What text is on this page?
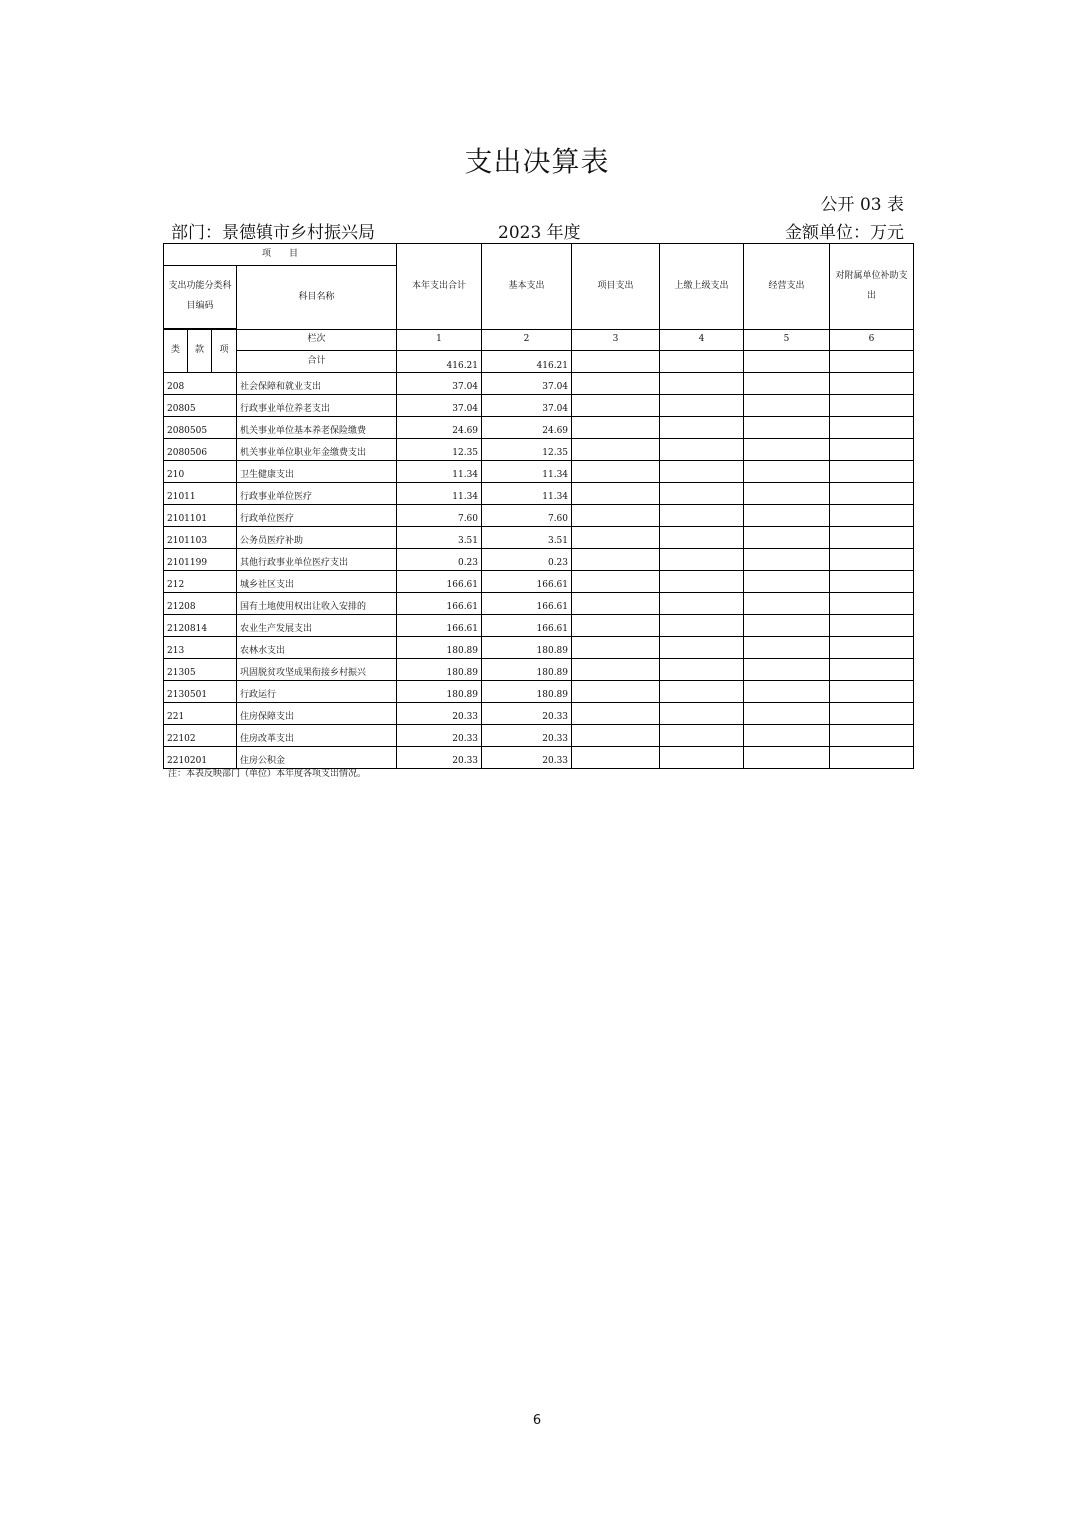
支出决算表
公开 03 表
部门：景德镇市乡村振兴局	2023 年度	金额单位：万元
项　　目				本年支出合计	基本支出	项目支出	上缴上级支出	经营支出	对附属单位补助支出
支出功能分类科目编码			科目名称						

类	款	项	栏次	1	2	3	4	5	6
			合计	416.21	416.21				
208			社会保障和就业支出	37.04	37.04				
20805			行政事业单位养老支出	37.04	37.04				
2080505			机关事业单位基本养老保险缴费	24.69	24.69				
2080506			机关事业单位职业年金缴费支出	12.35	12.35				
210			卫生健康支出	11.34	11.34				
21011			行政事业单位医疗	11.34	11.34				
2101101			行政单位医疗	7.60	7.60				
2101103			公务员医疗补助	3.51	3.51				
2101199			其他行政事业单位医疗支出	0.23	0.23				
212			城乡社区支出	166.61	166.61				
21208			国有土地使用权出让收入安排的	166.61	166.61				
2120814			农业生产发展支出	166.61	166.61				
213			农林水支出	180.89	180.89				
21305			巩固脱贫攻坚成果衔接乡村振兴	180.89	180.89				
2130501			行政运行	180.89	180.89				
221			住房保障支出	20.33	20.33				
22102			住房改革支出	20.33	20.33				
2210201			住房公积金	20.33	20.33				
注：本表反映部门（单位）本年度各项支出情况。
6
